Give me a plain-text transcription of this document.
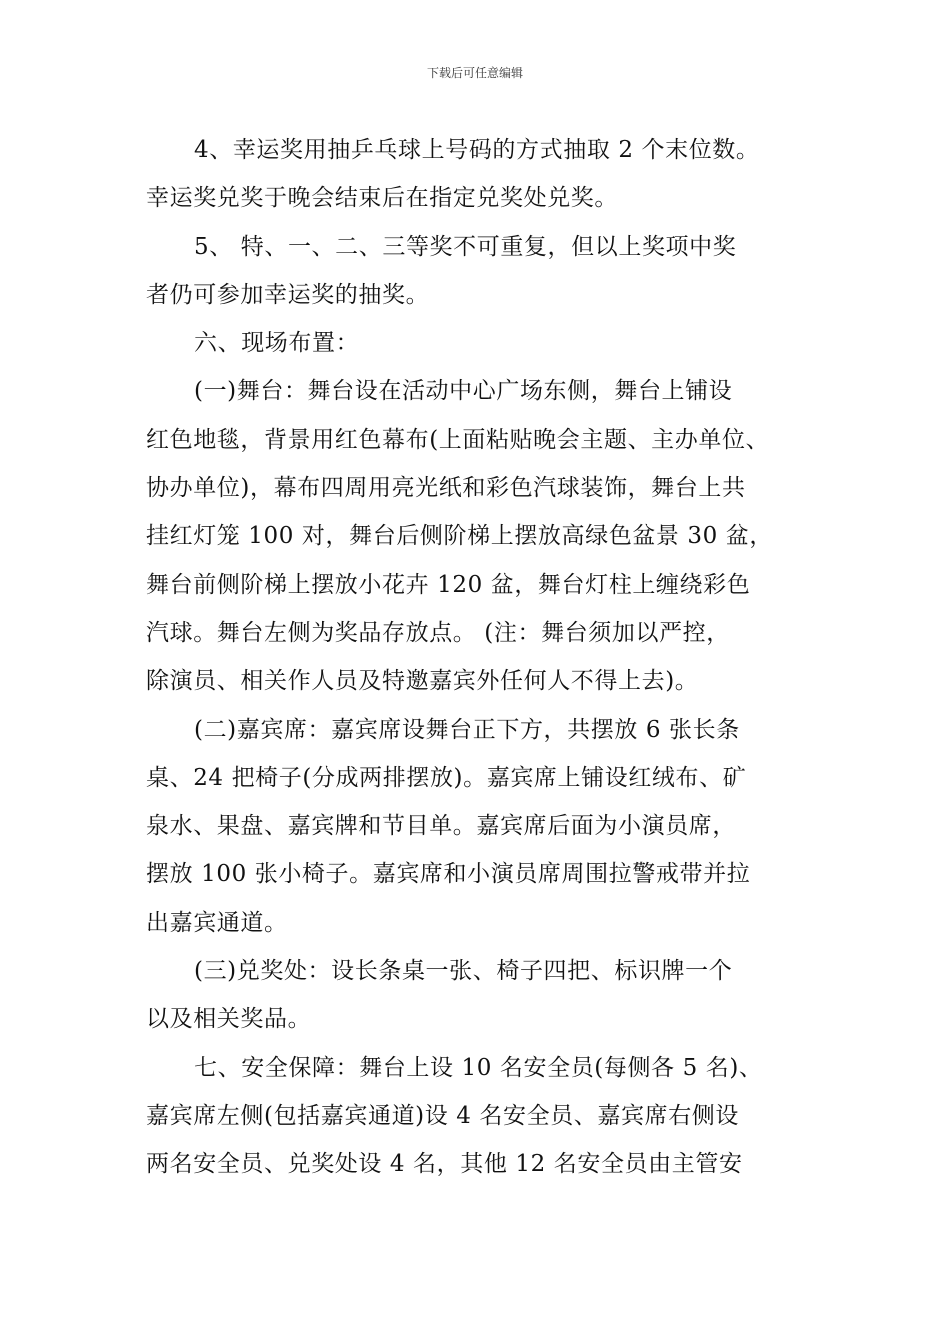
下载后可任意编辑
4、幸运奖用抽乒乓球上号码的方式抽取 2 个末位数。
幸运奖兑奖于晚会结束后在指定兑奖处兑奖。
5、 特、一、二、三等奖不可重复，但以上奖项中奖
者仍可参加幸运奖的抽奖。
六、现场布置：
(一)舞台：舞台设在活动中心广场东侧，舞台上铺设
红色地毯，背景用红色幕布(上面粘贴晚会主题、主办单位、
协办单位)，幕布四周用亮光纸和彩色汽球装饰，舞台上共
挂红灯笼 100 对，舞台后侧阶梯上摆放高绿色盆景 30 盆，
舞台前侧阶梯上摆放小花卉 120 盆，舞台灯柱上缠绕彩色
汽球。舞台左侧为奖品存放点。 (注：舞台须加以严控，
除演员、相关作人员及特邀嘉宾外任何人不得上去)。
(二)嘉宾席：嘉宾席设舞台正下方，共摆放 6 张长条
桌、24 把椅子(分成两排摆放)。嘉宾席上铺设红绒布、矿
泉水、果盘、嘉宾牌和节目单。嘉宾席后面为小演员席，
摆放 100 张小椅子。嘉宾席和小演员席周围拉警戒带并拉
出嘉宾通道。
(三)兑奖处：设长条桌一张、椅子四把、标识牌一个
以及相关奖品。
七、安全保障：舞台上设 10 名安全员(每侧各 5 名)、
嘉宾席左侧(包括嘉宾通道)设 4 名安全员、嘉宾席右侧设
两名安全员、兑奖处设 4 名，其他 12 名安全员由主管安
